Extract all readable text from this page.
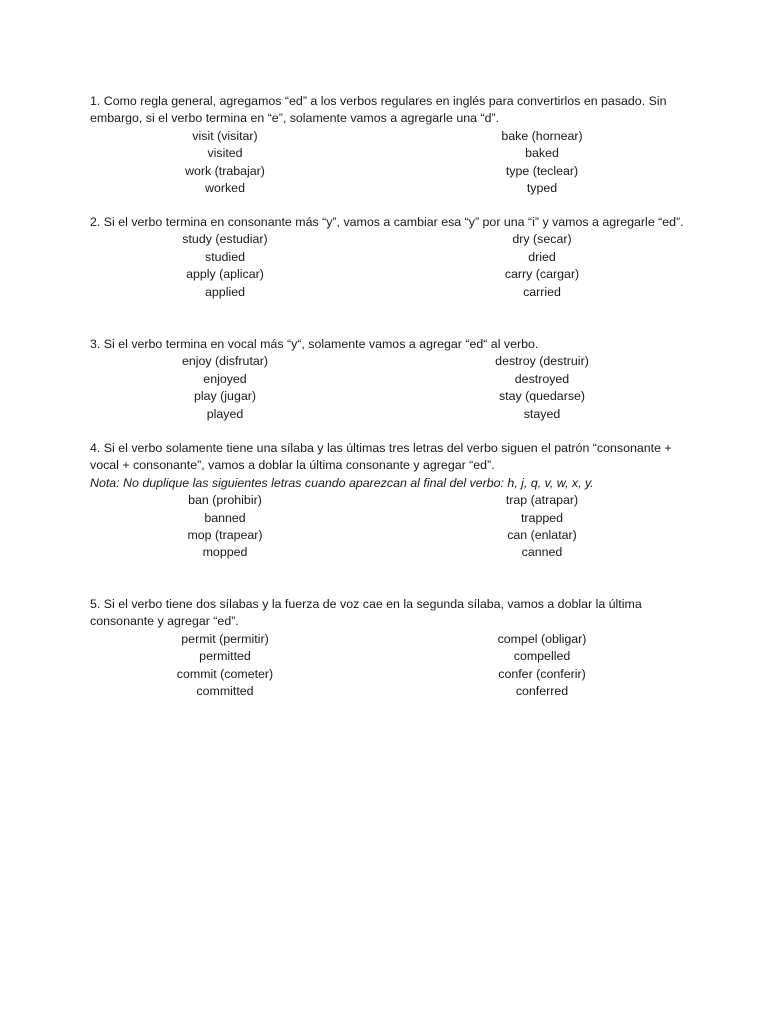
1. Como regla general, agregamos “ed” a los verbos regulares en inglés para convertirlos en pasado. Sin embargo, si el verbo termina en “e”, solamente vamos a agregarle una “d”.

visit (visitar)
visited
work (trabajar)
worked
bake (hornear)
baked
type (teclear)
typed

2. Si el verbo termina en consonante más “y”, vamos a cambiar esa “y” por una “i” y vamos a agregarle “ed”.

study (estudiar)
studied
apply (aplicar)
applied
dry (secar)
dried
carry (cargar)
carried

3. Si el verbo termina en vocal más “y“, solamente vamos a agregar “ed“ al verbo.

enjoy (disfrutar)
enjoyed
play (jugar)
played
destroy (destruir)
destroyed
stay (quedarse)
stayed

4. Si el verbo solamente tiene una sílaba y las últimas tres letras del verbo siguen el patrón “consonante + vocal + consonante”, vamos a doblar la última consonante y agregar “ed”.

Nota: No duplique las siguientes letras cuando aparezcan al final del verbo: h, j, q, v, w, x, y.

ban (prohibir)
banned
mop (trapear)
mopped
trap (atrapar)
trapped
can (enlatar)
canned

5. Si el verbo tiene dos sílabas y la fuerza de voz cae en la segunda sílaba, vamos a doblar la última consonante y agregar “ed”.

permit (permitir)
permitted
commit (cometer)
committed
compel (obligar)
compelled
confer (conferir)
conferred
